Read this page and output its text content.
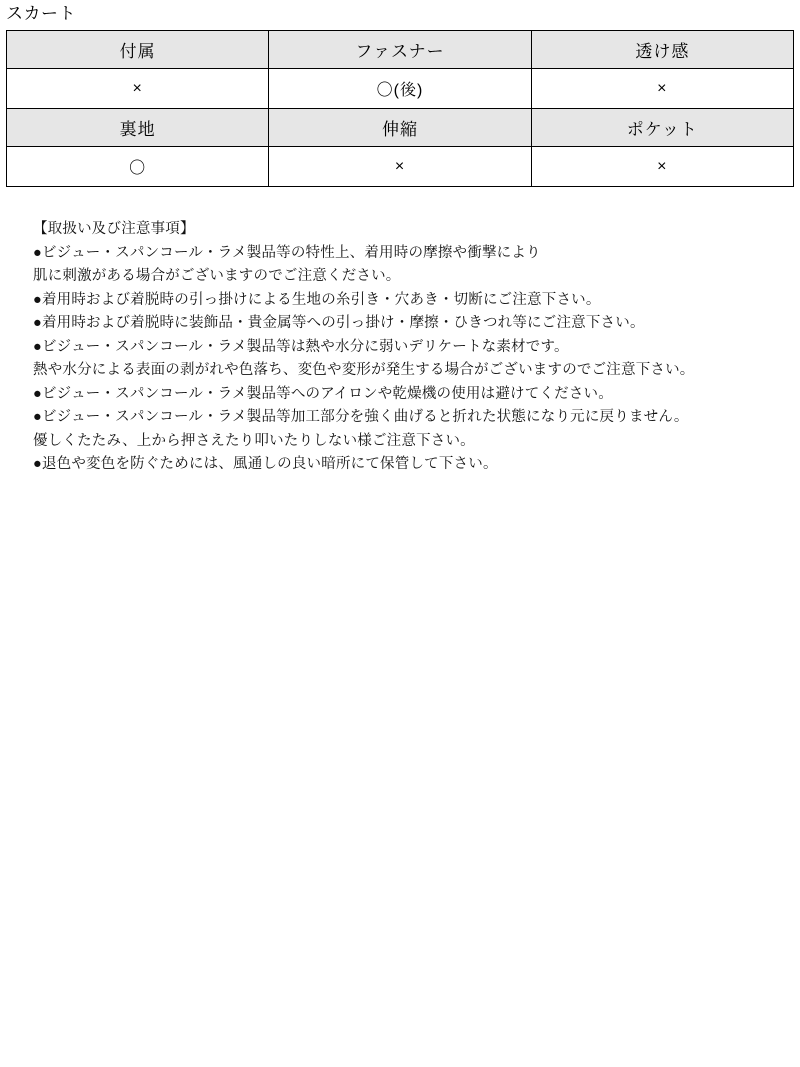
スカート
付属	ファスナー	透け感
×	〇(後)	×
裏地	伸縮	ポケット
〇	×	×
【取扱い及び注意事項】
●ビジュー・スパンコール・ラメ製品等の特性上、着用時の摩擦や衝撃により
肌に刺激がある場合がございますのでご注意ください。
●着用時および着脱時の引っ掛けによる生地の糸引き・穴あき・切断にご注意下さい。
●着用時および着脱時に装飾品・貴金属等への引っ掛け・摩擦・ひきつれ等にご注意下さい。
●ビジュー・スパンコール・ラメ製品等は熱や水分に弱いデリケートな素材です。
熱や水分による表面の剥がれや色落ち、変色や変形が発生する場合がございますのでご注意下さい。
●ビジュー・スパンコール・ラメ製品等へのアイロンや乾燥機の使用は避けてください。
●ビジュー・スパンコール・ラメ製品等加工部分を強く曲げると折れた状態になり元に戻りません。
優しくたたみ、上から押さえたり叩いたりしない様ご注意下さい。
●退色や変色を防ぐためには、風通しの良い暗所にて保管して下さい。
